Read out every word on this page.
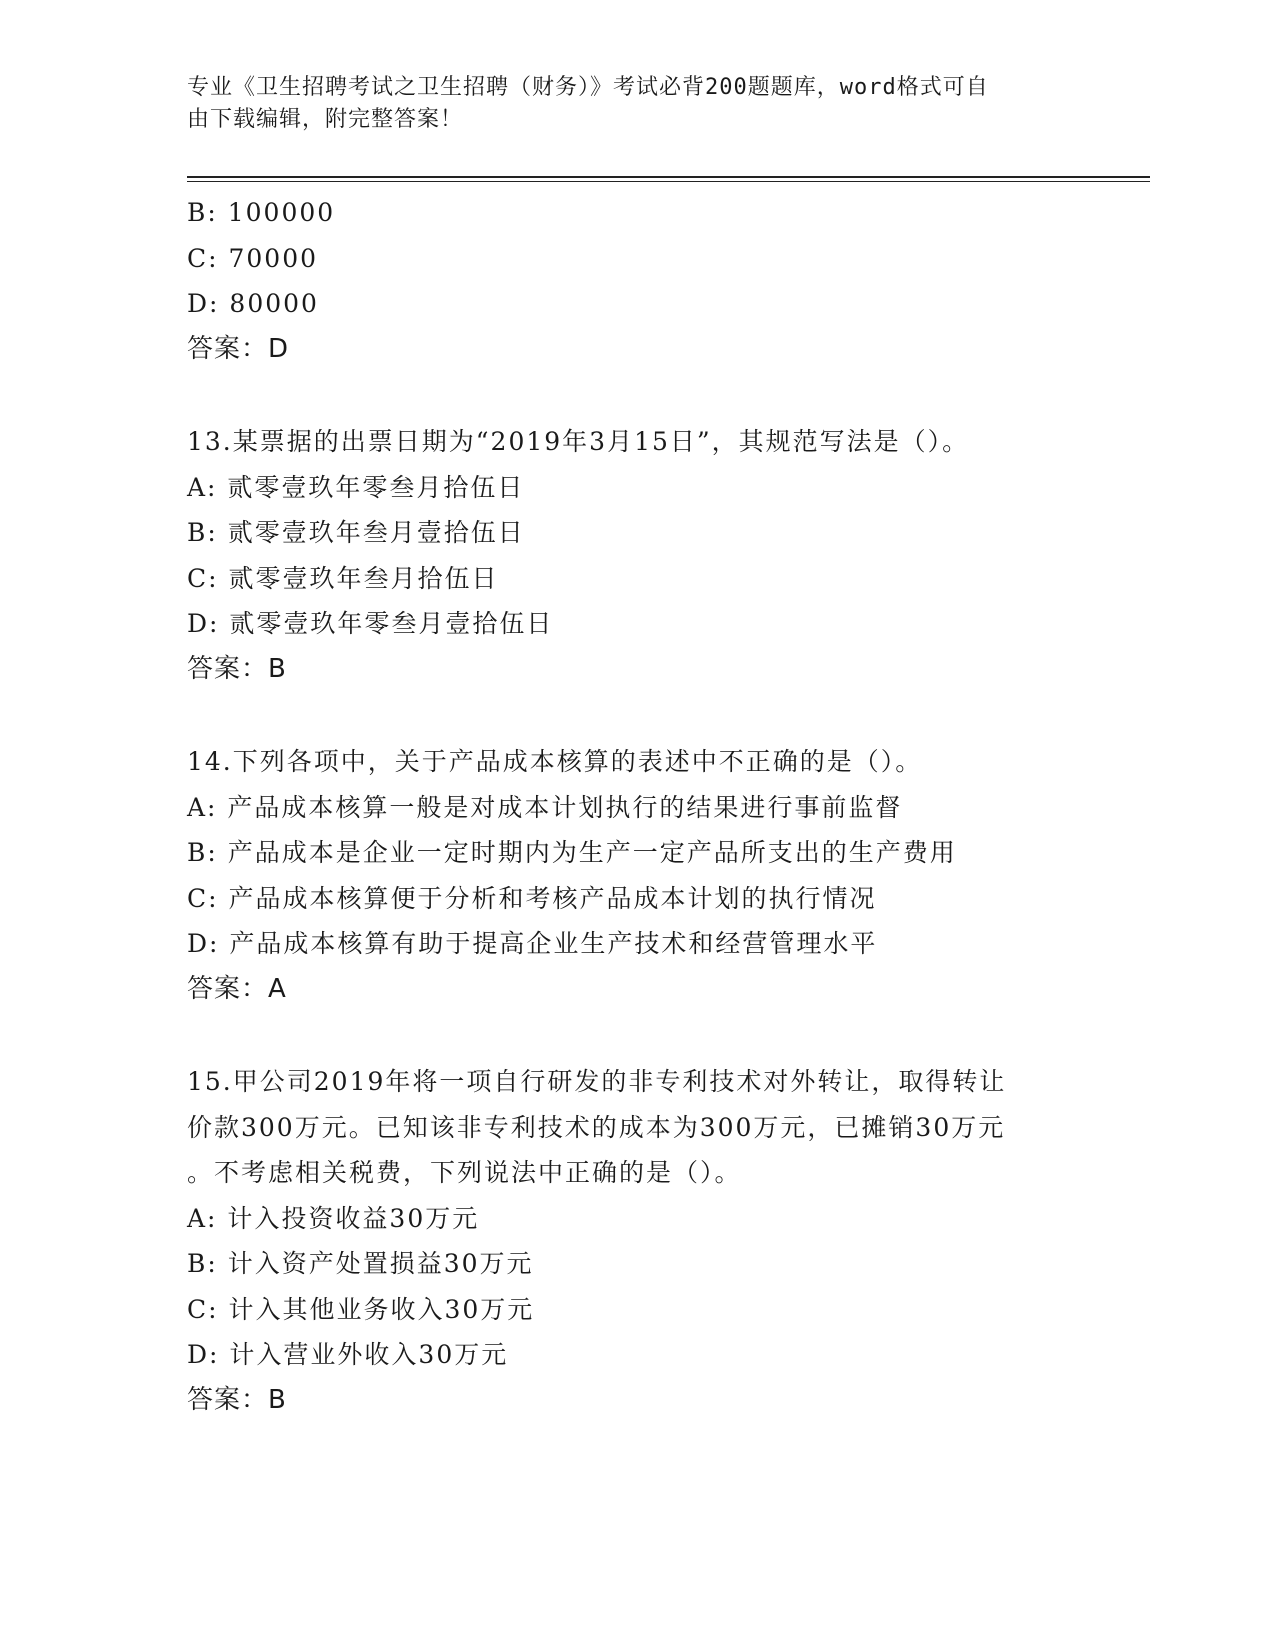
专业《卫生招聘考试之卫生招聘（财务）》考试必背200题题库，word格式可自
由下载编辑，附完整答案！
B: 100000
C: 70000
D: 80000
答案：D
13.某票据的出票日期为“2019年3月15日”，其规范写法是（）。
A: 贰零壹玖年零叁月拾伍日
B: 贰零壹玖年叁月壹拾伍日
C: 贰零壹玖年叁月拾伍日
D: 贰零壹玖年零叁月壹拾伍日
答案：B
14.下列各项中，关于产品成本核算的表述中不正确的是（）。
A: 产品成本核算一般是对成本计划执行的结果进行事前监督
B: 产品成本是企业一定时期内为生产一定产品所支出的生产费用
C: 产品成本核算便于分析和考核产品成本计划的执行情况
D: 产品成本核算有助于提高企业生产技术和经营管理水平
答案：A
15.甲公司2019年将一项自行研发的非专利技术对外转让，取得转让
价款300万元。已知该非专利技术的成本为300万元，已摊销30万元
。不考虑相关税费，下列说法中正确的是（）。
A: 计入投资收益30万元
B: 计入资产处置损益30万元
C: 计入其他业务收入30万元
D: 计入营业外收入30万元
答案：B
